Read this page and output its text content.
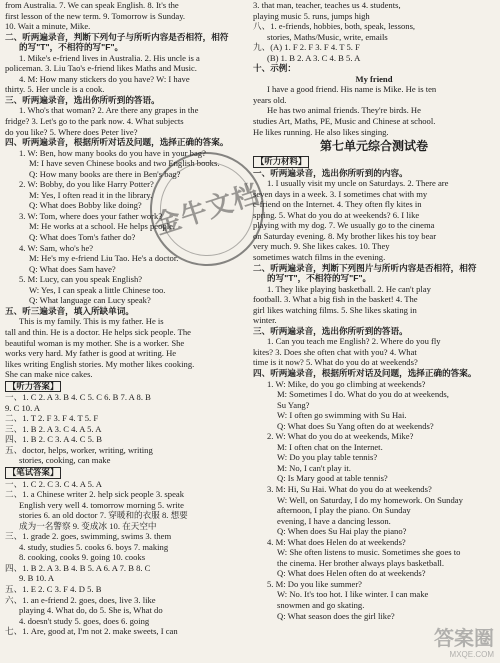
from Australia. 7. We can speak English. 8. It's the
first lesson of the new term. 9. Tomorrow is Sunday.
10. Wait a minute, Mike.
二、听两遍录音，判断下列句子与所听内容是否相符，相符
的写"T"，不相符的写"F"。
1. Mike's e-friend lives in Australia. 2. His uncle is a
policeman. 3. Liu Tao's e-friend likes Maths and Music.
4. M: How many stickers do you have? W: I have
thirty. 5. Her uncle is a cook.
三、听两遍录音，选出你所听到的答语。
1. Who's that woman? 2. Are there any grapes in the
fridge? 3. Let's go to the park now. 4. What subjects
do you like? 5. Where does Peter live?
四、听两遍录音，根据所听对话及问题，选择正确的答案。
1. W: Ben, how many books do you have in your bag?
M: I have seven Chinese books and two English books.
Q: How many books are there in Ben's bag?
2. W: Bobby, do you like Harry Potter?
M: Yes, I often read it in the library.
Q: What does Bobby like doing?
3. W: Tom, where does your father work?
M: He works at a school. He helps people.
Q: What does Tom's father do?
4. W: Sam, who's he?
M: He's my e-friend Liu Tao. He's a doctor.
Q: What does Sam have?
5. M: Lucy, can you speak English?
W: Yes, I can speak a little Chinese too.
Q: What language can Lucy speak?
五、听三遍录音，填入所缺单词。
This is my family. This is my father. He is
tall and thin. He is a doctor. He helps sick people. The
beautiful woman is my mother. She is a worker. She
works very hard. My father is good at writing. He
likes writing English stories. My mother likes cooking.
She can make nice cakes.
【听力答案】
一、1. C 2. A 3. B 4. C 5. C 6. B 7. A 8. B
9. C 10. A
二、1. T 2. F 3. F 4. T 5. F
三、1. B 2. A 3. C 4. A 5. A
四、1. B 2. C 3. A 4. C 5. B
五、doctor, helps, worker, writing, writing
stories, cooking, can make
【笔试答案】
一、1. C 2. C 3. C 4. A 5. A
二、1. a Chinese writer 2. help sick people 3. speak
English very well 4. tomorrow morning 5. write
stories 6. an old doctor 7. 穿暖和的衣服 8. 想要
成为一名警察 9. 变成冰 10. 在天空中
三、1. grade 2. goes, swimming, swims 3. them
4. study, studies 5. cooks 6. boys 7. making
8. cooking, cooks 9. going 10. cooks
四、1. B 2. A 3. B 4. B 5. A 6. A 7. B 8. C
9. B 10. A
五、1. E 2. C 3. F 4. D 5. B
六、1. an e-friend 2. goes, does, live 3. like
playing 4. What do, do 5. She is, What do
4. doesn't study 5. goes, does 6. going
七、1. Are, good at, I'm not 2. make sweets, I can
3. that man, teacher, teaches us 4. students,
playing music 5. runs, jumps high
八、1. e-friends, hobbies, both, speak, lessons,
stories, Maths/Music, write, emails
九、(A) 1. F 2. F 3. F 4. T 5. F
(B) 1. B 2. A 3. C 4. B 5. A
十、示例：
My friend
I have a good friend. His name is Mike. He is ten
years old.
He has two animal friends. They're birds. He
studies Art, Maths, PE, Music and Chinese at school.
He likes running. He also likes singing.
第七单元综合测试卷
【听力材料】
一、听两遍录音，选出你所听到的内容。
1. I usually visit my uncle on Saturdays. 2. There are
seven days in a week. 3. I sometimes chat with my
e-friend on the Internet. 4. They often fly kites in
spring. 5. What do you do at weekends? 6. I like
playing with my dog. 7. We usually go to the cinema
on Saturday evening. 8. My brother likes his toy bear
very much. 9. She likes cakes. 10. They
sometimes watch films in the evening.
二、听两遍录音，判断下列图片与所听内容是否相符，相符
的写"T"，不相符的写"F"。
1. They like playing basketball. 2. He can't play
football. 3. What a big fish in the basket! 4. The
girl likes watching films. 5. She likes skating in
winter.
三、听两遍录音，选出你所听到的答语。
1. Can you teach me English? 2. Where do you fly
kites? 3. Does she often chat with you? 4. What
time is it now? 5. What do you do at weekends?
四、听两遍录音，根据所听对话及问题，选择正确的答案。
1. W: Mike, do you go climbing at weekends?
M: Sometimes I do. What do you do at weekends,
Su Yang?
W: I often go swimming with Su Hai.
Q: What does Su Yang often do at weekends?
2. W: What do you do at weekends, Mike?
M: I often chat on the Internet.
W: Do you play table tennis?
M: No, I can't play it.
Q: Is Mary good at table tennis?
3. M: Hi, Su Hai. What do you do at weekends?
W: Well, on Saturday, I do my homework. On Sunday
afternoon, I play the piano. On Sunday
evening, I have a dancing lesson.
Q: When does Su Hai play the piano?
4. M: What does Helen do at weekends?
W: She often listens to music. Sometimes she goes to
the cinema. Her brother always plays basketball.
Q: What does Helen often do at weekends?
5. M: Do you like summer?
W: No. It's too hot. I like winter. I can make
snowmen and go skating.
Q: What season does the girl like?
金牛文档
答案圈
MXQE.COM
